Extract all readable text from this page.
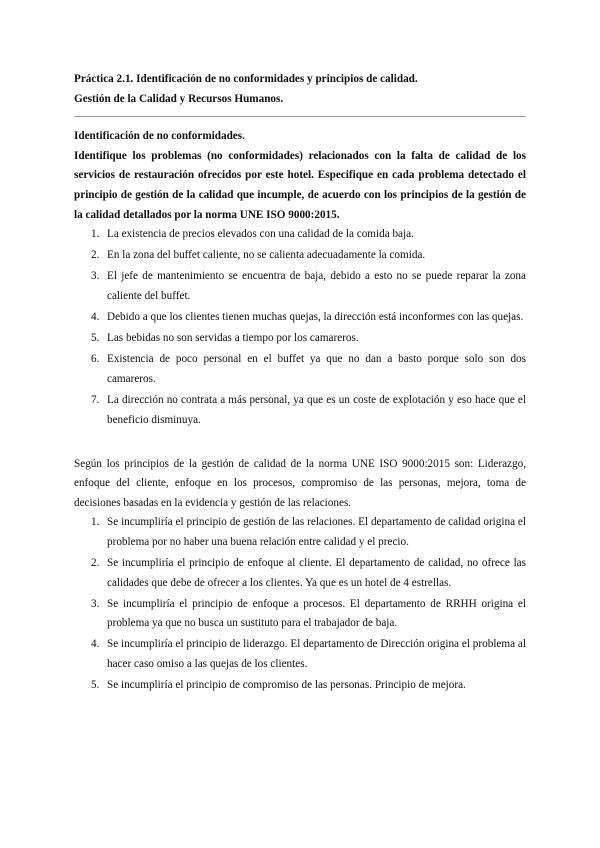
Práctica 2.1. Identificación de no conformidades y principios de calidad.

Gestión de la Calidad y Recursos Humanos.

Identificación de no conformidades.

Identifique los problemas (no conformidades) relacionados con la falta de calidad de los servicios de restauración ofrecidos por este hotel. Especifique en cada problema detectado el principio de gestión de la calidad que incumple, de acuerdo con los principios de la gestión de la calidad detallados por la norma UNE ISO 9000:2015.

1. La existencia de precios elevados con una calidad de la comida baja.
2. En la zona del buffet caliente, no se calienta adecuadamente la comida.
3. El jefe de mantenimiento se encuentra de baja, debido a esto no se puede reparar la zona caliente del buffet.
4. Debido a que los clientes tienen muchas quejas, la dirección está inconformes con las quejas.
5. Las bebidas no son servidas a tiempo por los camareros.
6. Existencia de poco personal en el buffet ya que no dan a basto porque solo son dos camareros.
7. La dirección no contrata a más personal, ya que es un coste de explotación y eso hace que el beneficio disminuya.

Según los principios de la gestión de calidad de la norma UNE ISO 9000:2015 son: Liderazgo, enfoque del cliente, enfoque en los procesos, compromiso de las personas, mejora, toma de decisiones basadas en la evidencia y gestión de las relaciones.

1. Se incumpliría el principio de gestión de las relaciones. El departamento de calidad origina el problema por no haber una buena relación entre calidad y el precio.
2. Se incumpliría el principio de enfoque al cliente. El departamento de calidad, no ofrece las calidades que debe de ofrecer a los clientes. Ya que es un hotel de 4 estrellas.
3. Se incumpliría el principio de enfoque a procesos. El departamento de RRHH origina el problema ya que no busca un sustituto para el trabajador de baja.
4. Se incumpliría el principio de liderazgo. El departamento de Dirección origina el problema al hacer caso omiso a las quejas de los clientes.
5. Se incumpliría el principio de compromiso de las personas. Principio de mejora.
